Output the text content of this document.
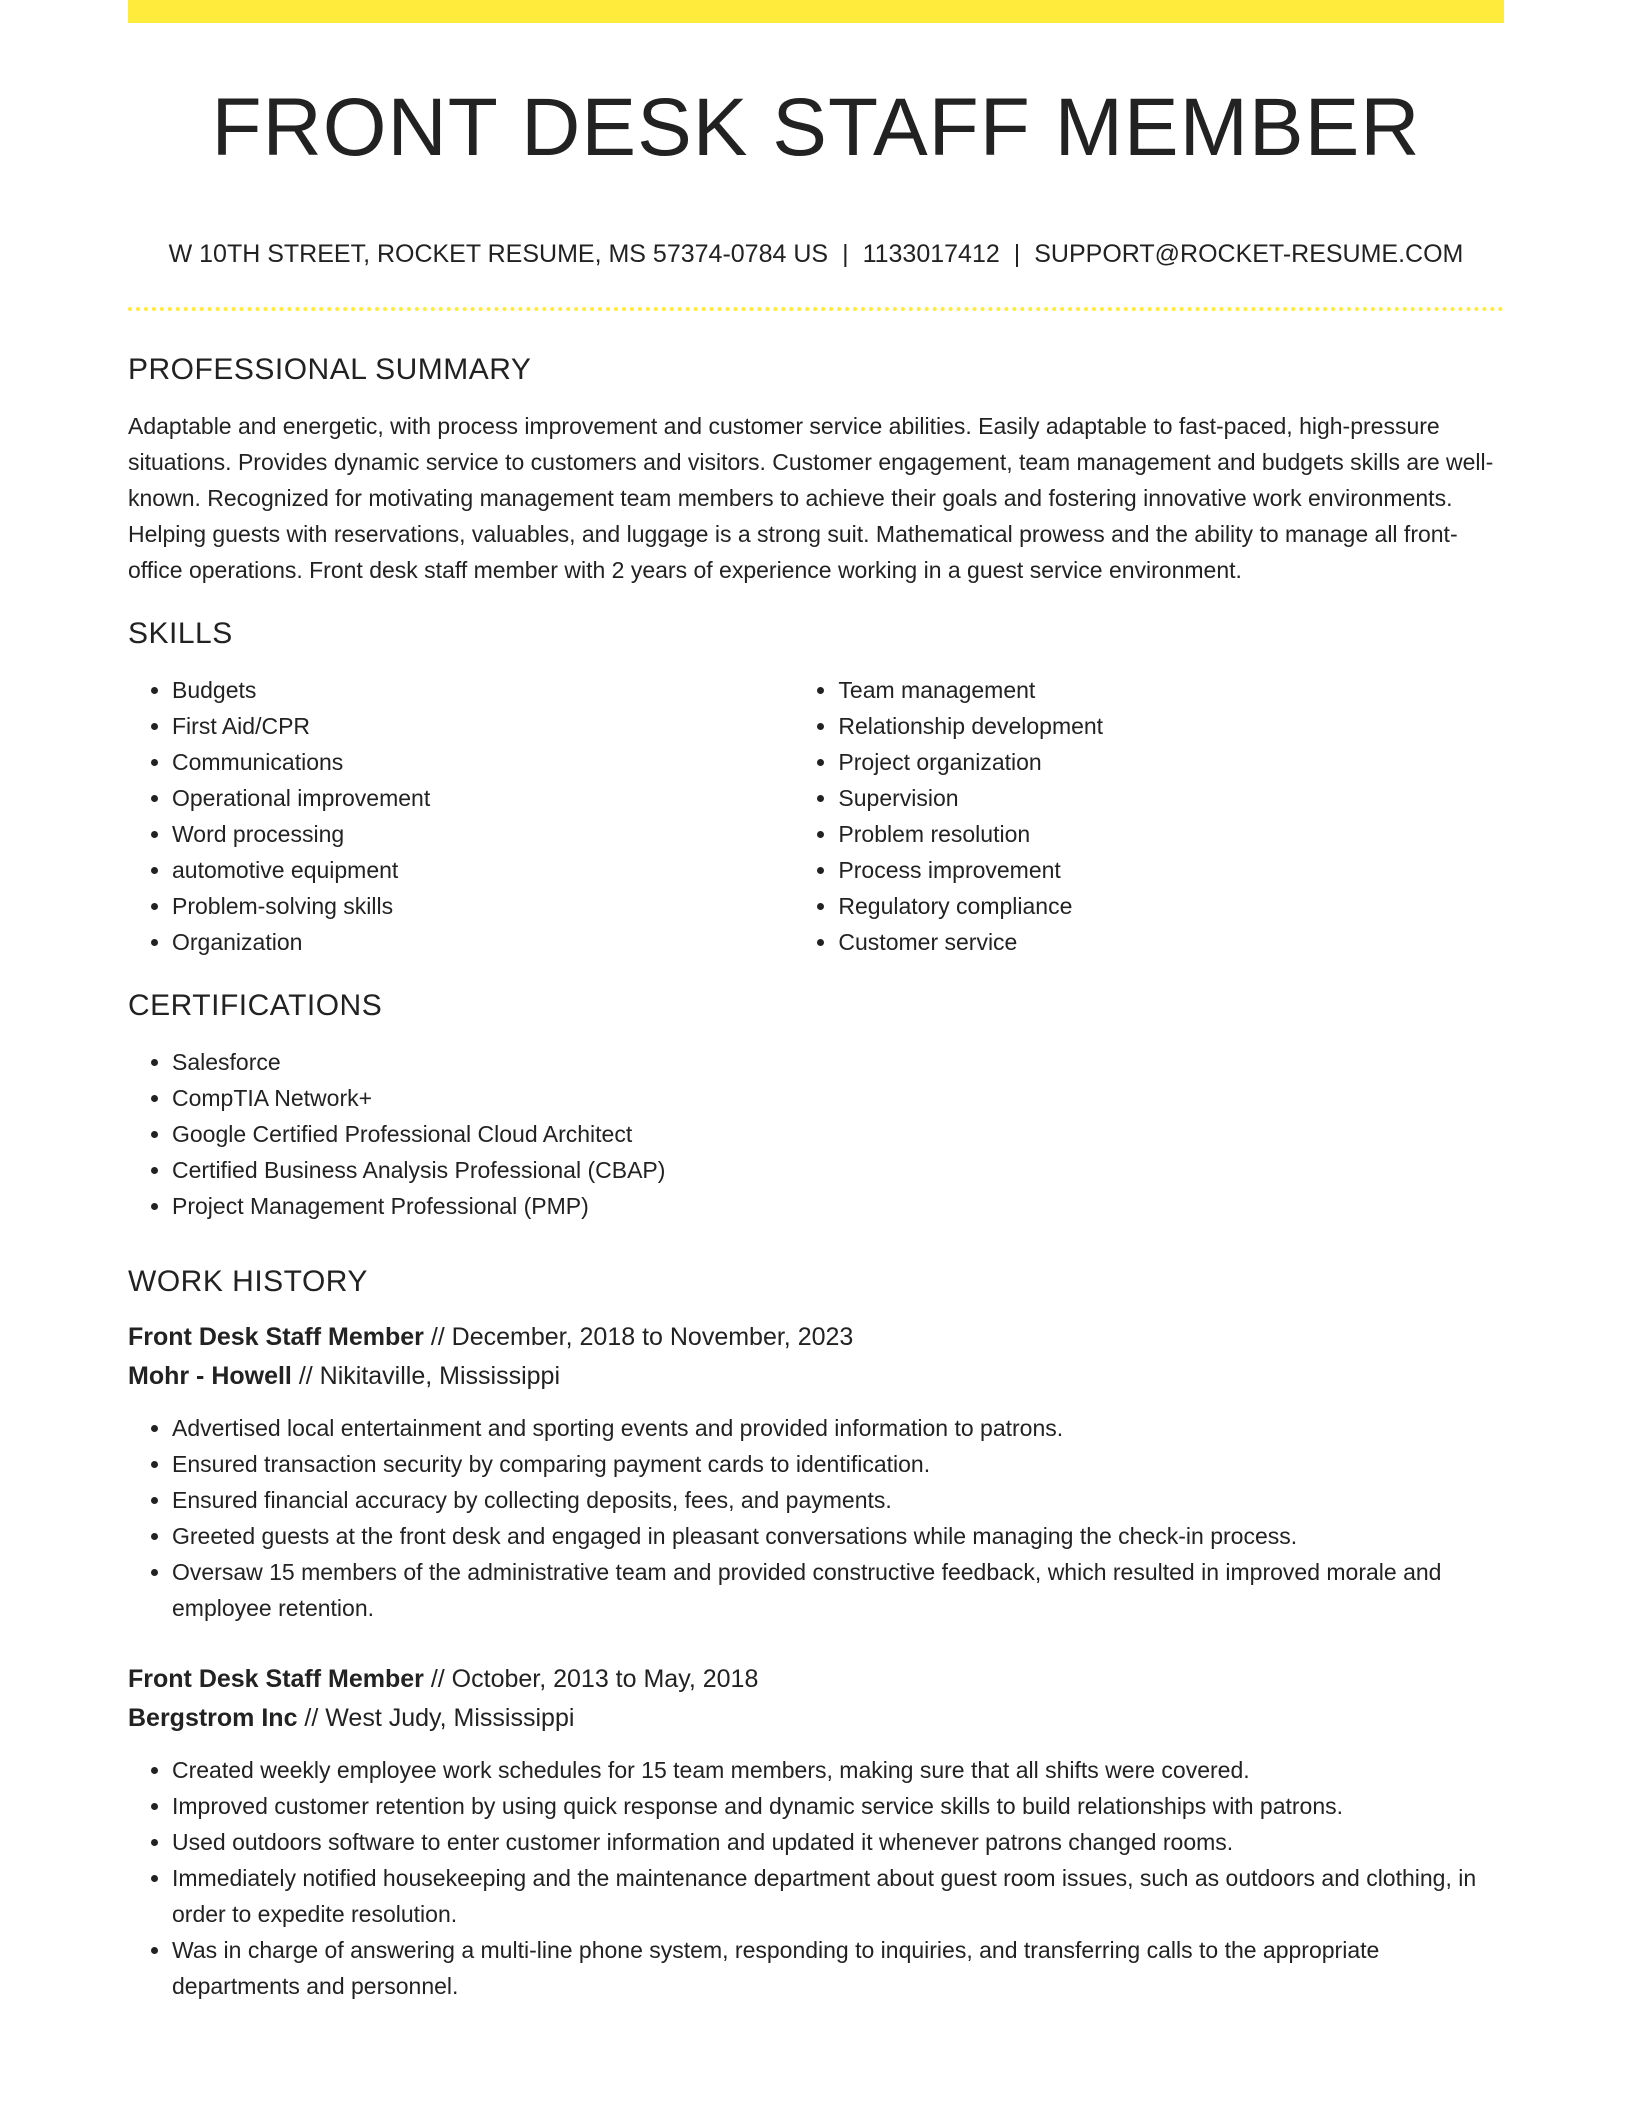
FRONT DESK STAFF MEMBER
W 10TH STREET, ROCKET RESUME, MS 57374-0784 US | 1133017412 | SUPPORT@ROCKET-RESUME.COM
PROFESSIONAL SUMMARY

Adaptable and energetic, with process improvement and customer service abilities. Easily adaptable to fast-paced, high-pressure situations. Provides dynamic service to customers and visitors. Customer engagement, team management and budgets skills are well-known. Recognized for motivating management team members to achieve their goals and fostering innovative work environments. Helping guests with reservations, valuables, and luggage is a strong suit. Mathematical prowess and the ability to manage all front-office operations. Front desk staff member with 2 years of experience working in a guest service environment.

SKILLS
• Budgets
• First Aid/CPR
• Communications
• Operational improvement
• Word processing
• automotive equipment
• Problem-solving skills
• Organization
• Team management
• Relationship development
• Project organization
• Supervision
• Problem resolution
• Process improvement
• Regulatory compliance
• Customer service
CERTIFICATIONS
• Salesforce
• CompTIA Network+
• Google Certified Professional Cloud Architect
• Certified Business Analysis Professional (CBAP)
• Project Management Professional (PMP)
WORK HISTORY
Front Desk Staff Member // December, 2018 to November, 2023
Mohr - Howell // Nikitaville, Mississippi
• Advertised local entertainment and sporting events and provided information to patrons.
• Ensured transaction security by comparing payment cards to identification.
• Ensured financial accuracy by collecting deposits, fees, and payments.
• Greeted guests at the front desk and engaged in pleasant conversations while managing the check-in process.
• Oversaw 15 members of the administrative team and provided constructive feedback, which resulted in improved morale and employee retention.
Front Desk Staff Member // October, 2013 to May, 2018
Bergstrom Inc // West Judy, Mississippi
• Created weekly employee work schedules for 15 team members, making sure that all shifts were covered.
• Improved customer retention by using quick response and dynamic service skills to build relationships with patrons.
• Used outdoors software to enter customer information and updated it whenever patrons changed rooms.
• Immediately notified housekeeping and the maintenance department about guest room issues, such as outdoors and clothing, in order to expedite resolution.
• Was in charge of answering a multi-line phone system, responding to inquiries, and transferring calls to the appropriate departments and personnel.
